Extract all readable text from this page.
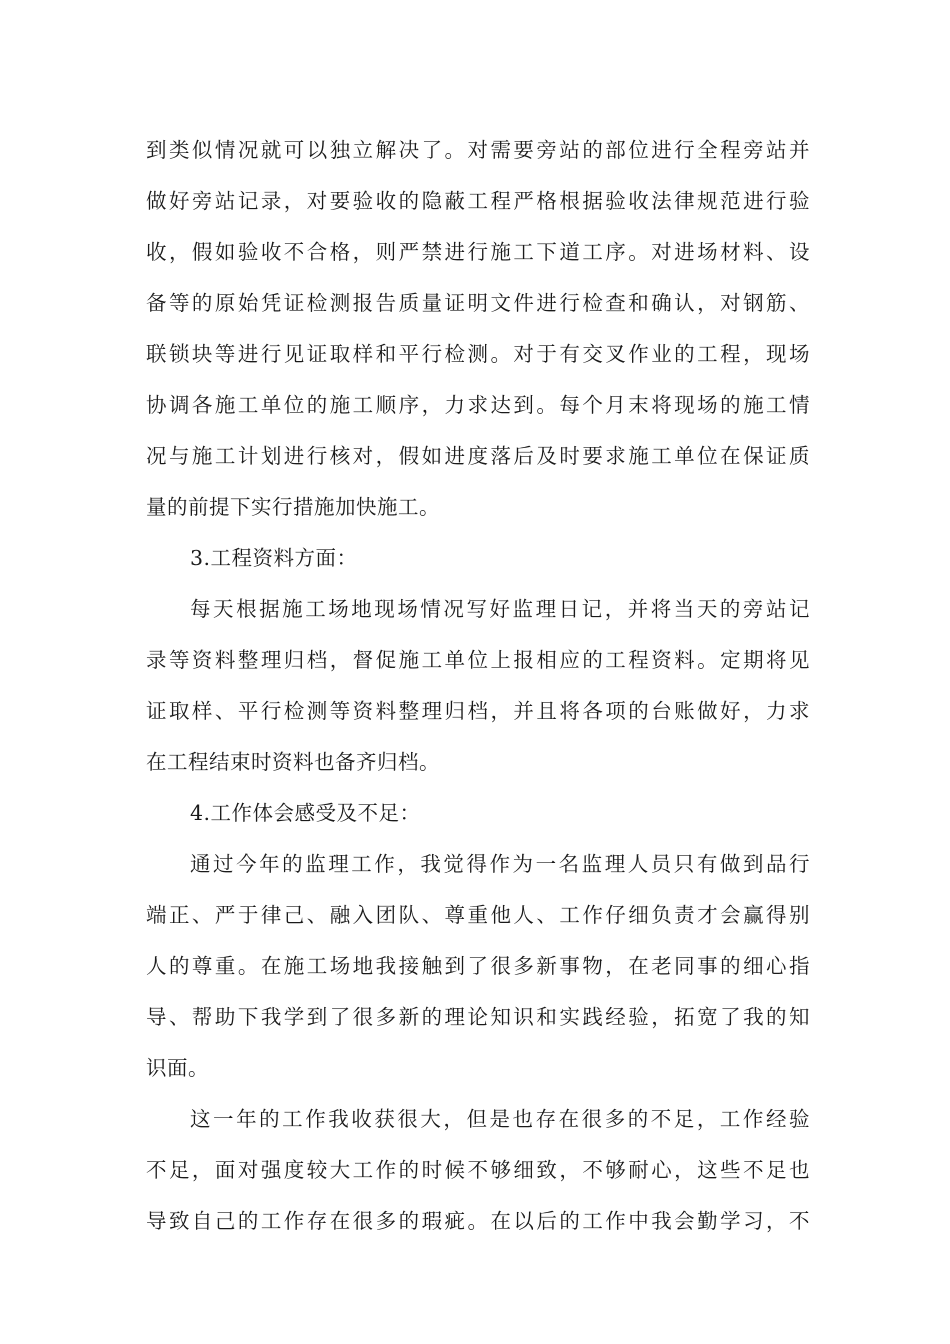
到类似情况就可以独立解决了。对需要旁站的部位进行全程旁站并
做好旁站记录，对要验收的隐蔽工程严格根据验收法律规范进行验
收，假如验收不合格，则严禁进行施工下道工序。对进场材料、设
备等的原始凭证检测报告质量证明文件进行检查和确认，对钢筋、
联锁块等进行见证取样和平行检测。对于有交叉作业的工程，现场
协调各施工单位的施工顺序，力求达到。每个月末将现场的施工情
况与施工计划进行核对，假如进度落后及时要求施工单位在保证质
量的前提下实行措施加快施工。
3.工程资料方面：
每天根据施工场地现场情况写好监理日记，并将当天的旁站记
录等资料整理归档，督促施工单位上报相应的工程资料。定期将见
证取样、平行检测等资料整理归档，并且将各项的台账做好，力求
在工程结束时资料也备齐归档。
4.工作体会感受及不足：
通过今年的监理工作，我觉得作为一名监理人员只有做到品行
端正、严于律己、融入团队、尊重他人、工作仔细负责才会赢得别
人的尊重。在施工场地我接触到了很多新事物，在老同事的细心指
导、帮助下我学到了很多新的理论知识和实践经验，拓宽了我的知
识面。
这一年的工作我收获很大，但是也存在很多的不足，工作经验
不足，面对强度较大工作的时候不够细致，不够耐心，这些不足也
导致自己的工作存在很多的瑕疵。在以后的工作中我会勤学习，不
